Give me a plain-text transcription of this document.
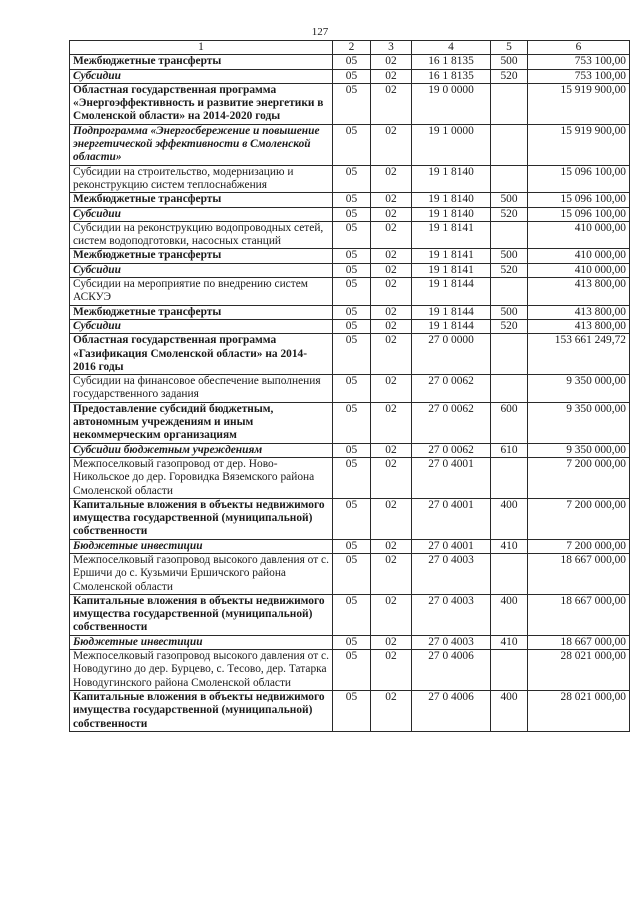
127
1	2	3	4	5	6
Межбюджетные трансферты	05	02	16 1 8135	500	753 100,00
Субсидии	05	02	16 1 8135	520	753 100,00
Областная государственная программа «Энергоэффективность и развитие энергетики в Смоленской области» на 2014-2020 годы	05	02	19 0 0000		15 919 900,00
Подпрограмма «Энергосбережение и повышение энергетической эффективности в Смоленской области»	05	02	19 1 0000		15 919 900,00
Субсидии на строительство, модернизацию и реконструкцию систем теплоснабжения	05	02	19 1 8140		15 096 100,00
Межбюджетные трансферты	05	02	19 1 8140	500	15 096 100,00
Субсидии	05	02	19 1 8140	520	15 096 100,00
Субсидии на реконструкцию водопроводных сетей, систем водоподготовки, насосных станций	05	02	19 1 8141		410 000,00
Межбюджетные трансферты	05	02	19 1 8141	500	410 000,00
Субсидии	05	02	19 1 8141	520	410 000,00
Субсидии на мероприятие по внедрению систем АСКУЭ	05	02	19 1 8144		413 800,00
Межбюджетные трансферты	05	02	19 1 8144	500	413 800,00
Субсидии	05	02	19 1 8144	520	413 800,00
Областная государственная программа «Газификация Смоленской области» на 2014-2016 годы	05	02	27 0 0000		153 661 249,72
Субсидии на финансовое обеспечение выполнения государственного задания	05	02	27 0 0062		9 350 000,00
Предоставление субсидий бюджетным, автономным учреждениям и иным некоммерческим организациям	05	02	27 0 0062	600	9 350 000,00
Субсидии бюджетным учреждениям	05	02	27 0 0062	610	9 350 000,00
Межпоселковый газопровод от дер. Ново-Никольское до дер. Горовидка Вяземского района Смоленской области	05	02	27 0 4001		7 200 000,00
Капитальные вложения в объекты недвижимого имущества государственной (муниципальной) собственности	05	02	27 0 4001	400	7 200 000,00
Бюджетные инвестиции	05	02	27 0 4001	410	7 200 000,00
Межпоселковый газопровод высокого давления от с. Ершичи до с. Кузьмичи Ершичского района Смоленской области	05	02	27 0 4003		18 667 000,00
Капитальные вложения в объекты недвижимого имущества государственной (муниципальной) собственности	05	02	27 0 4003	400	18 667 000,00
Бюджетные инвестиции	05	02	27 0 4003	410	18 667 000,00
Межпоселковый газопровод высокого давления от с. Новодугино до дер. Бурцево, с. Тесово, дер. Татарка Новодугинского района Смоленской области	05	02	27 0 4006		28 021 000,00
Капитальные вложения в объекты недвижимого имущества государственной (муниципальной) собственности	05	02	27 0 4006	400	28 021 000,00
